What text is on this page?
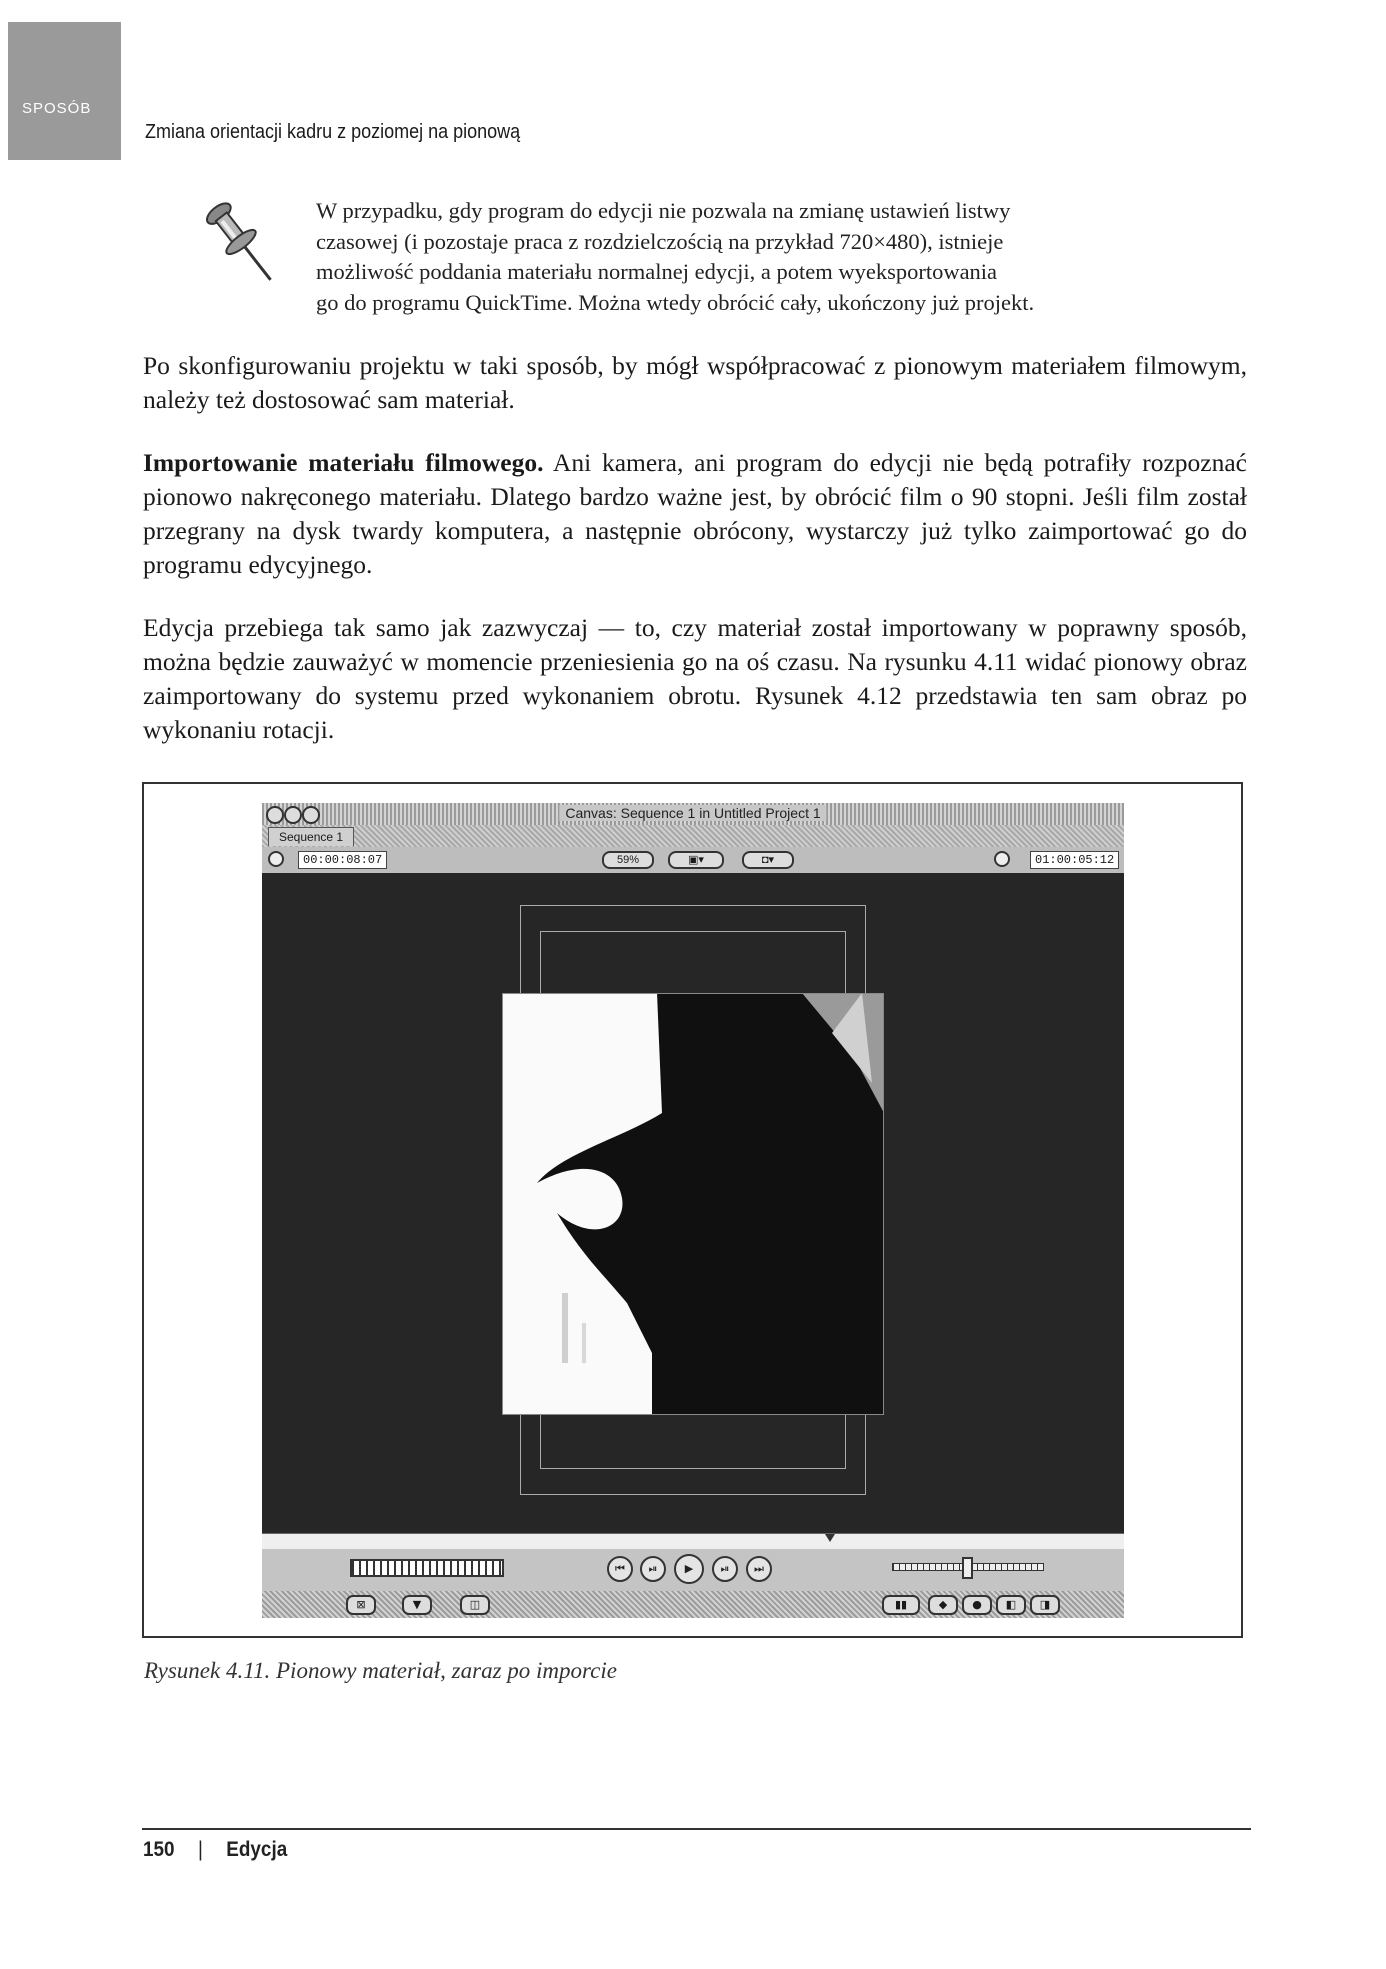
SPOSÓB
42.
Zmiana orientacji kadru z poziomej na pionową

W przypadku, gdy program do edycji nie pozwala na zmianę ustawień listwy
czasowej (i pozostaje praca z rozdzielczością na przykład 720×480), istnieje
możliwość poddania materiału normalnej edycji, a potem wyeksportowania
go do programu QuickTime. Można wtedy obrócić cały, ukończony już projekt.

Po skonfigurowaniu projektu w taki sposób, by mógł współpracować z pionowym materiałem filmowym, należy też dostosować sam materiał.

Importowanie materiału filmowego. Ani kamera, ani program do edycji nie będą potrafiły rozpoznać pionowo nakręconego materiału. Dlatego bardzo ważne jest, by obrócić film o 90 stopni. Jeśli film został przegrany na dysk twardy komputera, a następnie obrócony, wystarczy już tylko zaimportować go do programu edycyjnego.

Edycja przebiega tak samo jak zazwyczaj — to, czy materiał został importowany w poprawny sposób, można będzie zauważyć w momencie przeniesienia go na oś czasu. Na rysunku 4.11 widać pionowy obraz zaimportowany do systemu przed wykonaniem obrotu. Rysunek 4.12 przedstawia ten sam obraz po wykonaniu rotacji.

Canvas: Sequence 1 in Untitled Project 1
Sequence 1
00:00:08:07	59%	▣▾	◘▾	01:00:05:12
⏮	⏯	▶	⏯	⏭
⊠	▼	◫	▮▮	◆	●	◧	◨
Rysunek 4.11. Pionowy materiał, zaraz po imporcie
150 | Edycja
